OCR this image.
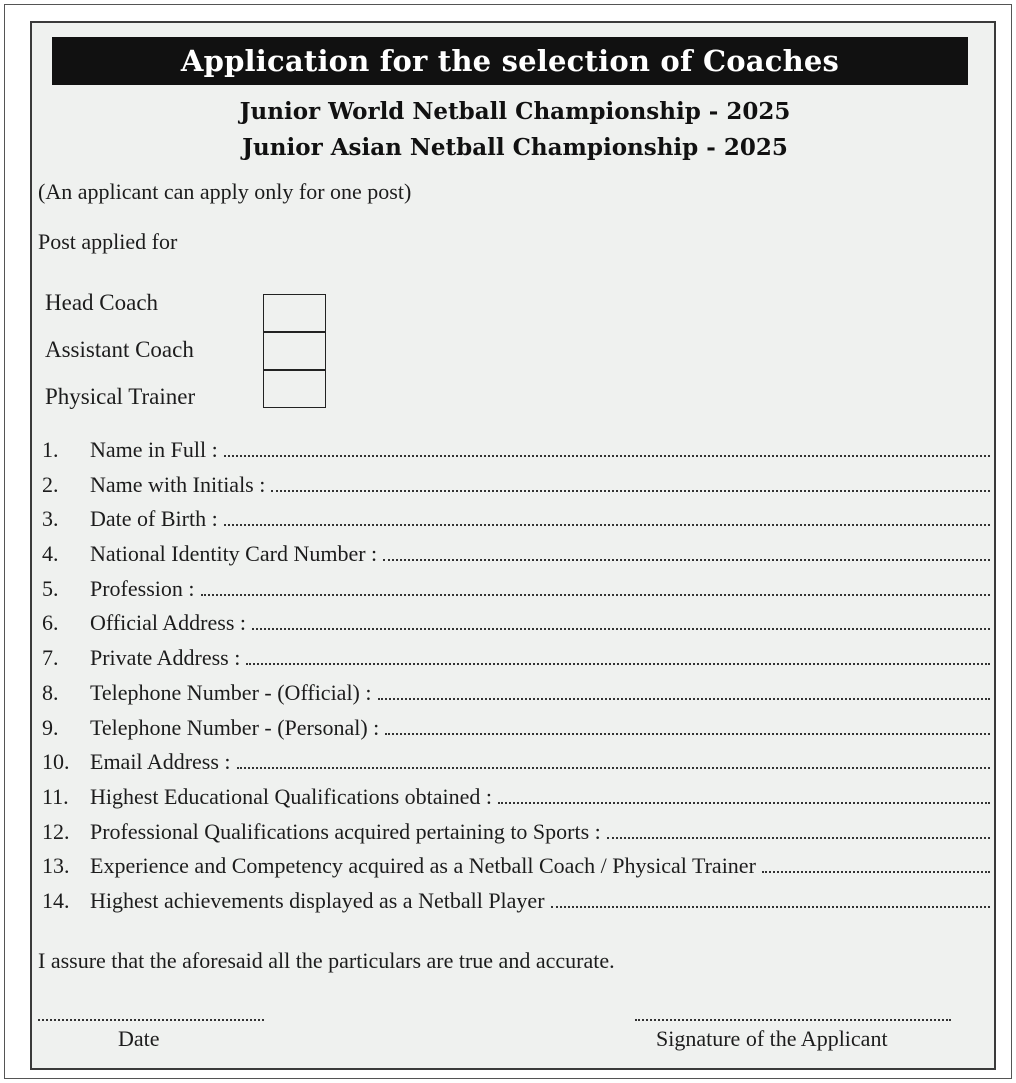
Application for the selection of Coaches
Junior World Netball Championship - 2025
Junior Asian Netball Championship - 2025
(An applicant can apply only for one post)
Post applied for
Head Coach
Assistant Coach
Physical Trainer
1.	Name in Full :
2.	Name with Initials :
3.	Date of Birth :
4.	National Identity Card Number :
5.	Profession :
6.	Official Address :
7.	Private Address :
8.	Telephone Number - (Official) :
9.	Telephone Number - (Personal) :
10. Email Address :
11. Highest Educational Qualifications obtained :
12. Professional Qualifications acquired pertaining to Sports :
13. Experience and Competency acquired as a Netball Coach / Physical Trainer
14. Highest achievements displayed as a Netball Player
I assure that the aforesaid all the particulars are true and accurate.
Date	Signature of the Applicant
